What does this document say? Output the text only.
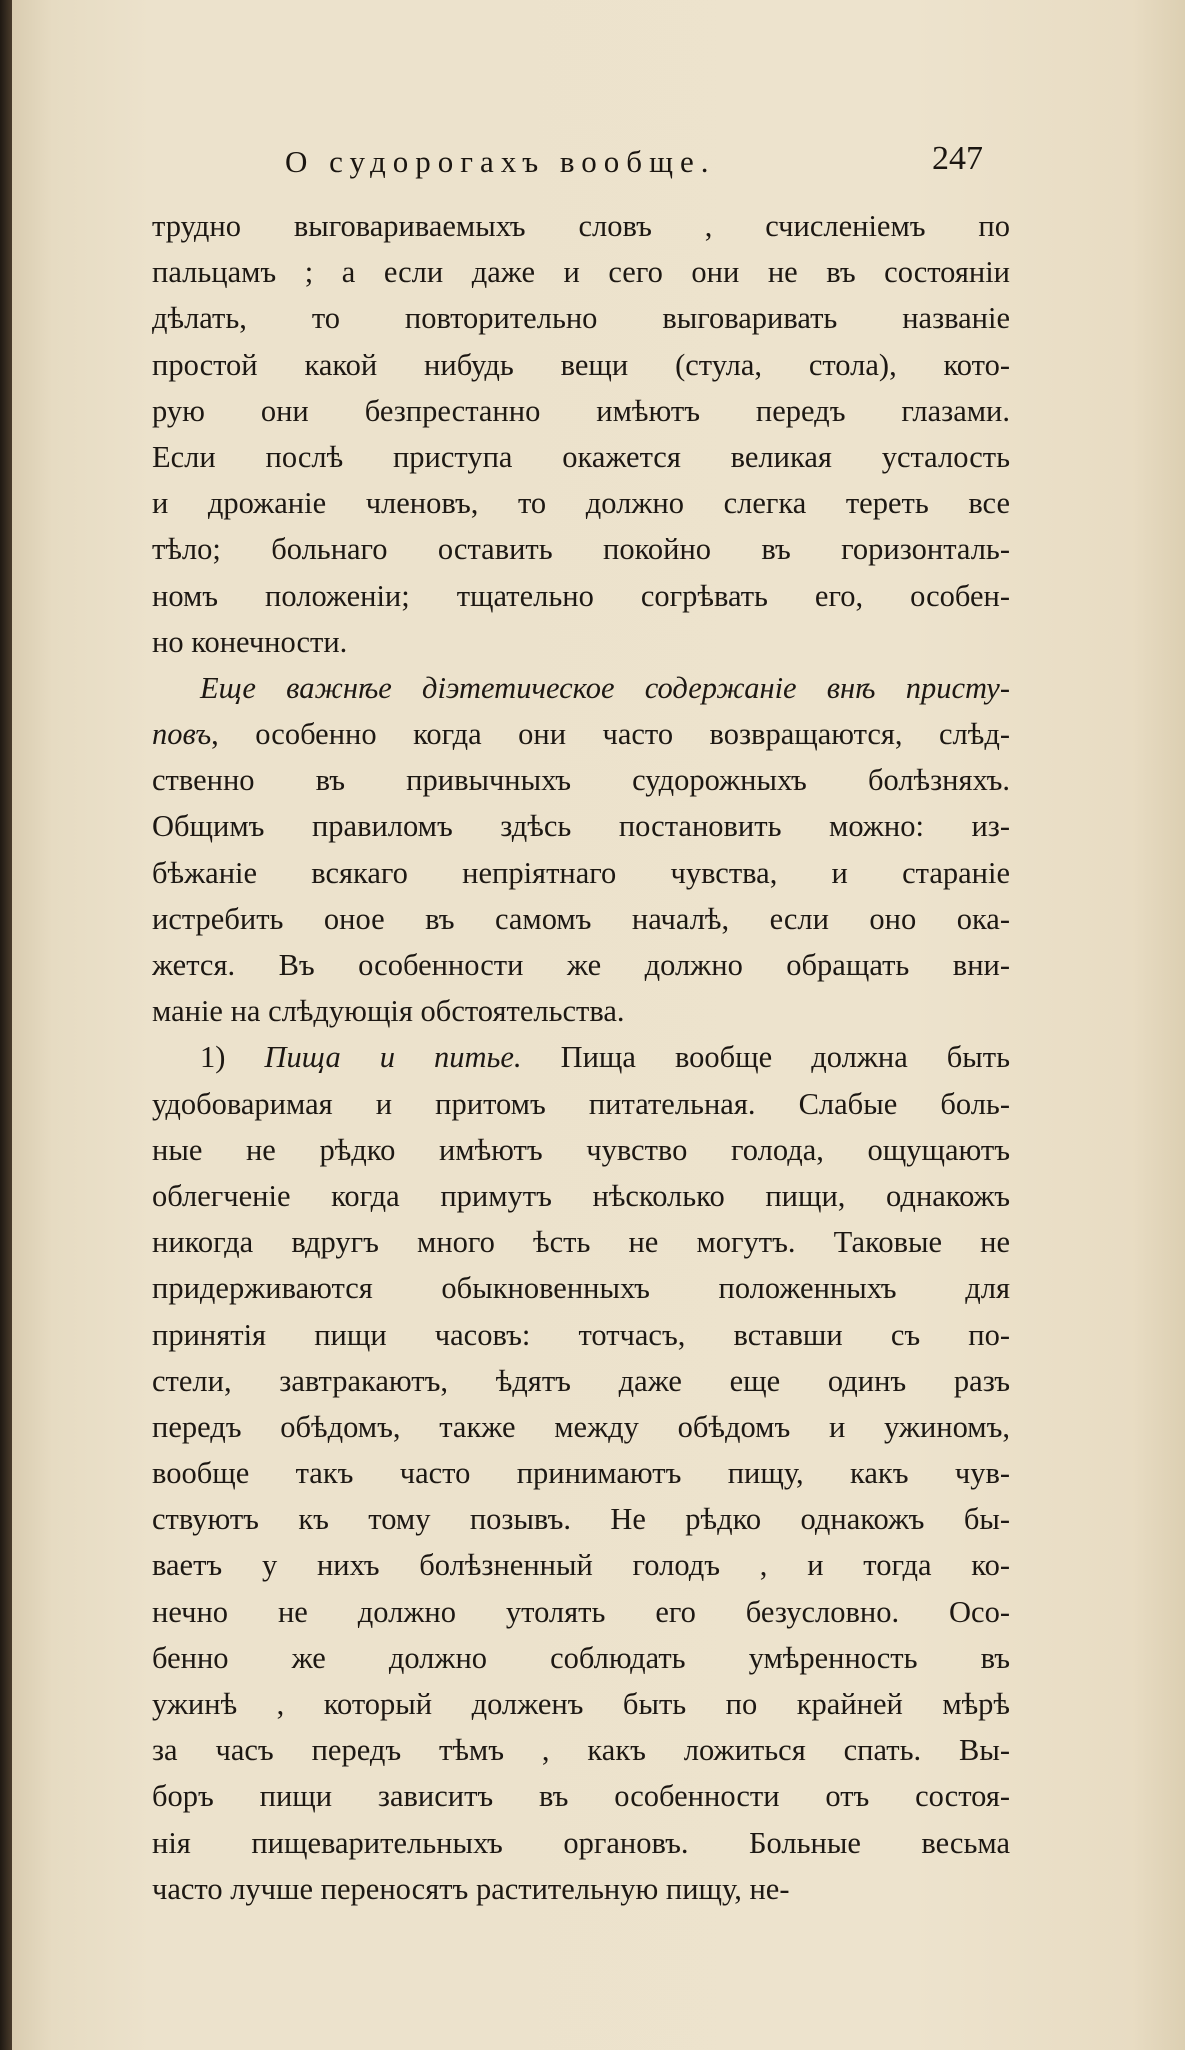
О судорогахъ вообще.	247
трудно выговариваемыхъ словъ , счисленіемъ по
пальцамъ ; а если даже и сего они не въ состояніи
дѣлать, то повторительно выговаривать названіе
простой какой нибудь вещи (стула, стола), кото-
рую они безпрестанно имѣютъ передъ глазами.
Если послѣ приступа окажется великая усталость
и дрожаніе членовъ, то должно слегка тереть все
тѣло; больнаго оставить покойно въ горизонталь-
номъ положеніи; тщательно согрѣвать его, особен-
но конечности.
Еще важнѣе діэтетическое содержаніе внѣ присту-
повъ, особенно когда они часто возвращаются, слѣд-
ственно въ привычныхъ судорожныхъ болѣзняхъ.
Общимъ правиломъ здѣсь постановить можно: из-
бѣжаніе всякаго непріятнаго чувства, и стараніе
истребить оное въ самомъ началѣ, если оно ока-
жется. Въ особенности же должно обращать вни-
маніе на слѣдующія обстоятельства.
1) Пища и питье. Пища вообще должна быть
удобоваримая и притомъ питательная. Слабые боль-
ные не рѣдко имѣютъ чувство голода, ощущаютъ
облегченіе когда примутъ нѣсколько пищи, однакожъ
никогда вдругъ много ѣсть не могутъ. Таковые не
придерживаются обыкновенныхъ положенныхъ для
принятія пищи часовъ: тотчасъ, вставши съ по-
стели, завтракаютъ, ѣдятъ даже еще одинъ разъ
передъ обѣдомъ, также между обѣдомъ и ужиномъ,
вообще такъ часто принимаютъ пищу, какъ чув-
ствуютъ къ тому позывъ. Не рѣдко однакожъ бы-
ваетъ у нихъ болѣзненный голодъ , и тогда ко-
нечно не должно утолять его безусловно. Осо-
бенно же должно соблюдать умѣренность въ
ужинѣ , который долженъ быть по крайней мѣрѣ
за часъ передъ тѣмъ , какъ ложиться спать. Вы-
боръ пищи зависитъ въ особенности отъ состоя-
нія пищеварительныхъ органовъ. Больные весьма
часто лучше переносятъ растительную пищу, не-
